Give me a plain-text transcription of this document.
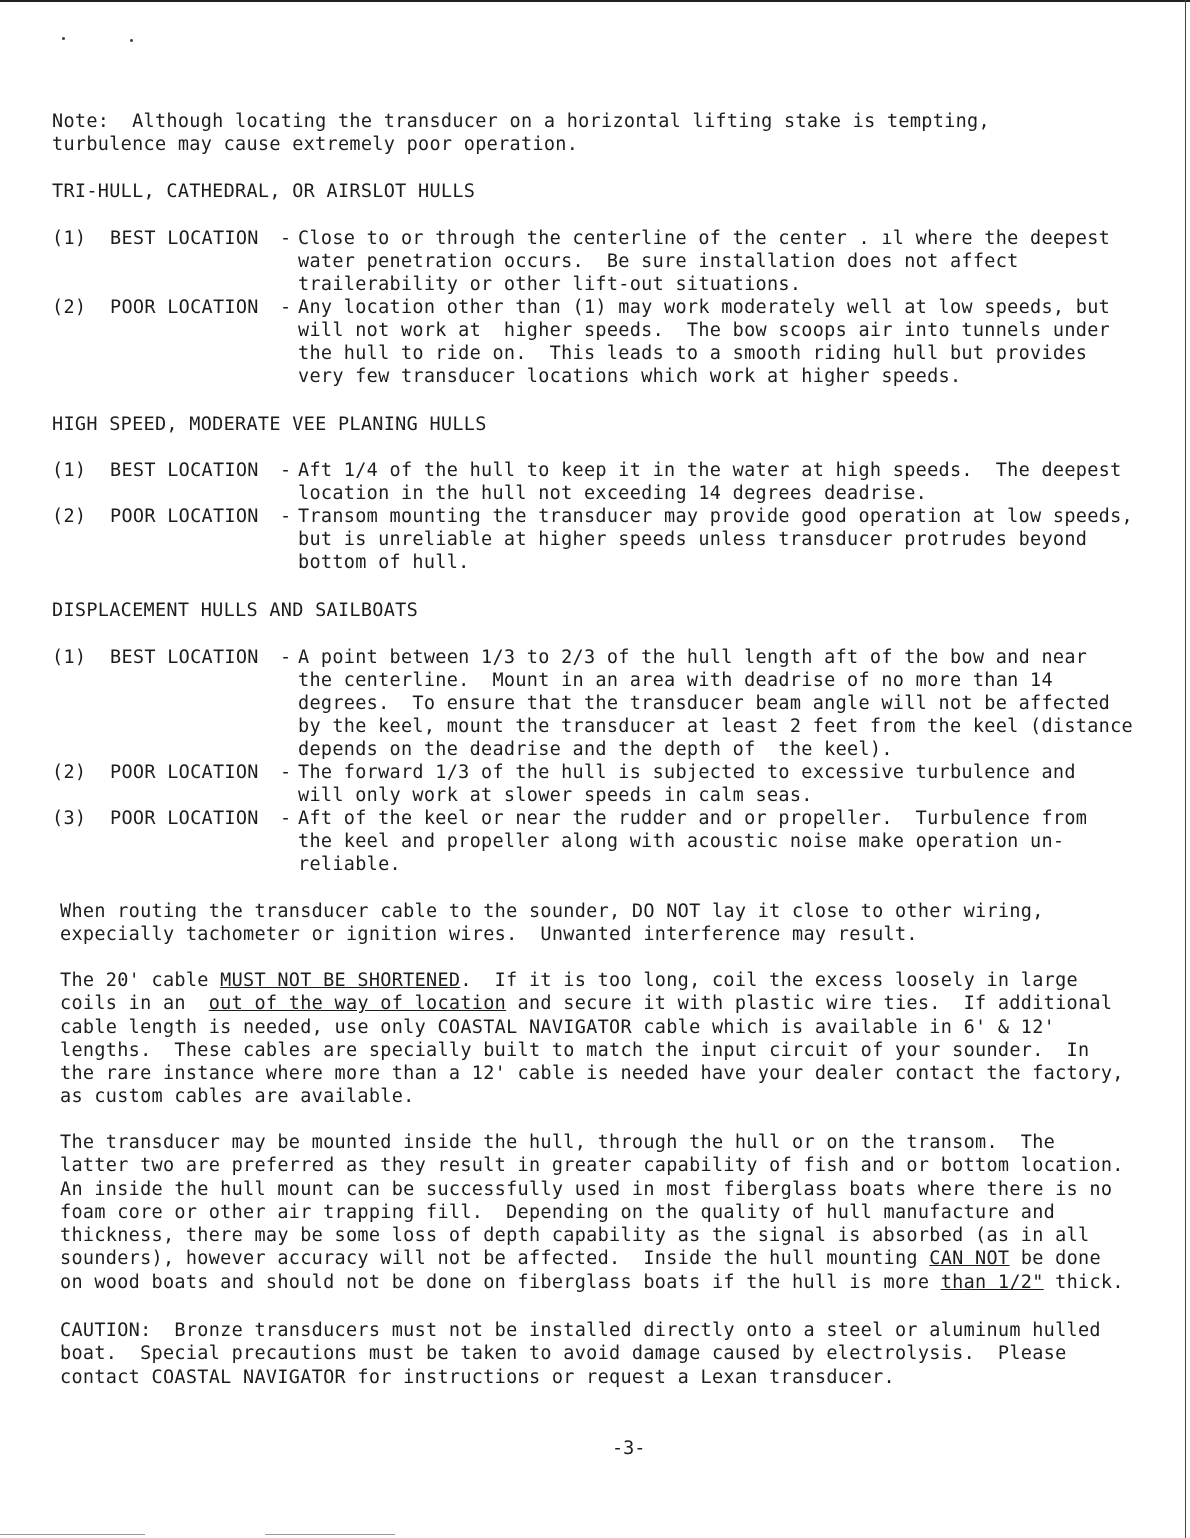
Note:  Although locating the transducer on a horizontal lifting stake is tempting,
turbulence may cause extremely poor operation.
TRI-HULL, CATHEDRAL, OR AIRSLOT HULLS
(1) BEST LOCATION - Close to or through the centerline of the center . ıl where the deepest
water penetration occurs.  Be sure installation does not affect
trailerability or other lift-out situations.
(2) POOR LOCATION - Any location other than (1) may work moderately well at low speeds, but
will not work at  higher speeds.  The bow scoops air into tunnels under
the hull to ride on.  This leads to a smooth riding hull but provides
very few transducer locations which work at higher speeds.
HIGH SPEED, MODERATE VEE PLANING HULLS
(1) BEST LOCATION - Aft 1/4 of the hull to keep it in the water at high speeds.  The deepest
location in the hull not exceeding 14 degrees deadrise.
(2) POOR LOCATION - Transom mounting the transducer may provide good operation at low speeds,
but is unreliable at higher speeds unless transducer protrudes beyond
bottom of hull.
DISPLACEMENT HULLS AND SAILBOATS
(1) BEST LOCATION - A point between 1/3 to 2/3 of the hull length aft of the bow and near
the centerline.  Mount in an area with deadrise of no more than 14
degrees.  To ensure that the transducer beam angle will not be affected
by the keel, mount the transducer at least 2 feet from the keel (distance
depends on the deadrise and the depth of  the keel).
(2) POOR LOCATION - The forward 1/3 of the hull is subjected to excessive turbulence and
will only work at slower speeds in calm seas.
(3) POOR LOCATION - Aft of the keel or near the rudder and or propeller.  Turbulence from
the keel and propeller along with acoustic noise make operation un-
reliable.
When routing the transducer cable to the sounder, DO NOT lay it close to other wiring,
expecially tachometer or ignition wires.  Unwanted interference may result.
The 20' cable MUST NOT BE SHORTENED.  If it is too long, coil the excess loosely in large
coils in an  out of the way of location and secure it with plastic wire ties.  If additional
cable length is needed, use only COASTAL NAVIGATOR cable which is available in 6' & 12'
lengths.  These cables are specially built to match the input circuit of your sounder.  In
the rare instance where more than a 12' cable is needed have your dealer contact the factory,
as custom cables are available.
The transducer may be mounted inside the hull, through the hull or on the transom.  The
latter two are preferred as they result in greater capability of fish and or bottom location.
An inside the hull mount can be successfully used in most fiberglass boats where there is no
foam core or other air trapping fill.  Depending on the quality of hull manufacture and
thickness, there may be some loss of depth capability as the signal is absorbed (as in all
sounders), however accuracy will not be affected.  Inside the hull mounting CAN NOT be done
on wood boats and should not be done on fiberglass boats if the hull is more than 1/2" thick.
CAUTION:  Bronze transducers must not be installed directly onto a steel or aluminum hulled
boat.  Special precautions must be taken to avoid damage caused by electrolysis.  Please
contact COASTAL NAVIGATOR for instructions or request a Lexan transducer.
-3-
